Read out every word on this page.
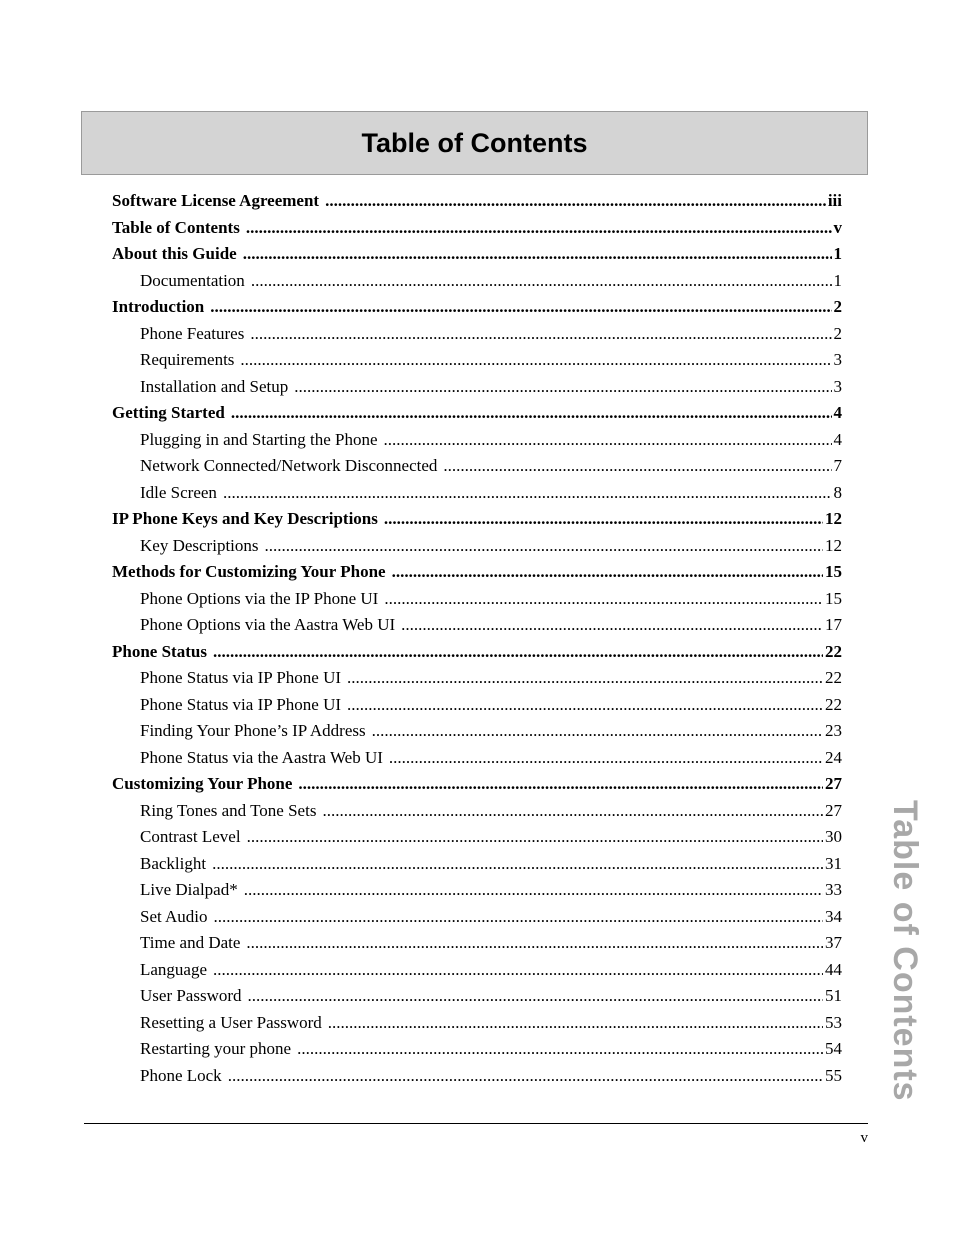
Table of Contents
Software License Agreement .....	iii
Table of Contents .....	v
About this Guide .....	1
Documentation .....	1
Introduction .....	2
Phone Features .....	2
Requirements .....	3
Installation and Setup .....	3
Getting Started .....	4
Plugging in and Starting the Phone .....	4
Network Connected/Network Disconnected .....	7
Idle Screen .....	8
IP Phone Keys and Key Descriptions .....	12
Key Descriptions .....	12
Methods for Customizing Your Phone .....	15
Phone Options via the IP Phone UI .....	15
Phone Options via the Aastra Web UI .....	17
Phone Status .....	22
Phone Status via IP Phone UI .....	22
Phone Status via IP Phone UI .....	22
Finding Your Phone’s IP Address .....	23
Phone Status via the Aastra Web UI .....	24
Customizing Your Phone .....	27
Ring Tones and Tone Sets .....	27
Contrast Level .....	30
Backlight .....	31
Live Dialpad* .....	33
Set Audio .....	34
Time and Date .....	37
Language .....	44
User Password .....	51
Resetting a User Password .....	53
Restarting your phone .....	54
Phone Lock .....	55 Table of Contents
v
